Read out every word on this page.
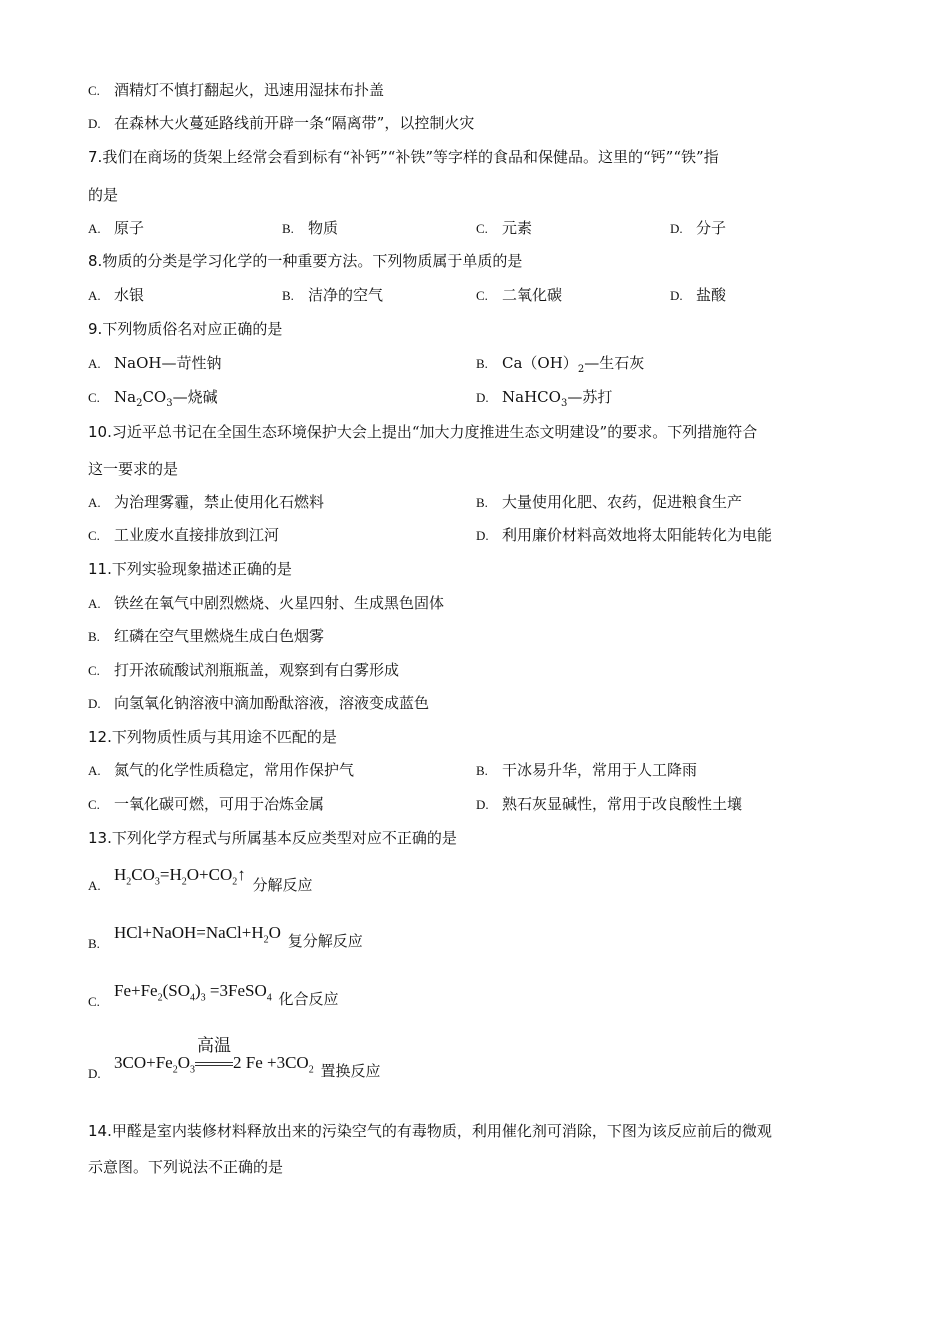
C. 酒精灯不慎打翻起火，迅速用湿抹布扑盖
D. 在森林大火蔓延路线前开辟一条“隔离带”，以控制火灾
7.我们在商场的货架上经常会看到标有“补钙”“补铁”等字样的食品和保健品。这里的“钙”“铁”指
的是
A. 原子	B. 物质	C. 元素	D. 分子
8.物质的分类是学习化学的一种重要方法。下列物质属于单质的是
A. 水银	B. 洁净的空气	C. 二氧化碳	D. 盐酸
9.下列物质俗名对应正确的是
A. NaOH—苛性钠	B. $Ca(OH)_2—$生石灰
C. $Na_2CO_3—$烧碱	D. NaHCO$_3$—苏打
10.习近平总书记在全国生态环境保护大会上提出“加大力度推进生态文明建设”的要求。下列措施符合
这一要求的是
A. 为治理雾霾，禁止使用化石燃料	B. 大量使用化肥、农药，促进粮食生产
C. 工业废水直接排放到江河	D. 利用廉价材料高效地将太阳能转化为电能
11.下列实验现象描述正确的是
A. 铁丝在氧气中剧烈燃烧、火星四射、生成黑色固体
B. 红磷在空气里燃烧生成白色烟雾
C. 打开浓硫酸试剂瓶瓶盖，观察到有白雾形成
D. 向氢氧化钠溶液中滴加酚酞溶液，溶液变成蓝色
12.下列物质性质与其用途不匹配的是
A. 氮气的化学性质稳定，常用作保护气	B. 干冰易升华，常用于人工降雨
C. 一氧化碳可燃，可用于冶炼金属	D. 熟石灰显碱性，常用于改良酸性土壤
13.下列化学方程式与所属基本反应类型对应不正确的是
$A.H_2CO_3=H_2O+CO_2↑$ 分解反应
$B.HCl+NaOH=NaCl+H_2O$ 复分解反应
$C.Fe+Fe_2(SO_4)_3$ =3FeSO$_4$ 化合反应
$D.3CO+Fe_2O_3$
高温
2 $Fe +3CO_2$ 置换反应
14.甲醛是室内装修材料释放出来的污染空气的有毒物质，利用催化剂可消除，下图为该反应前后的微观
示意图。下列说法不正确的是
